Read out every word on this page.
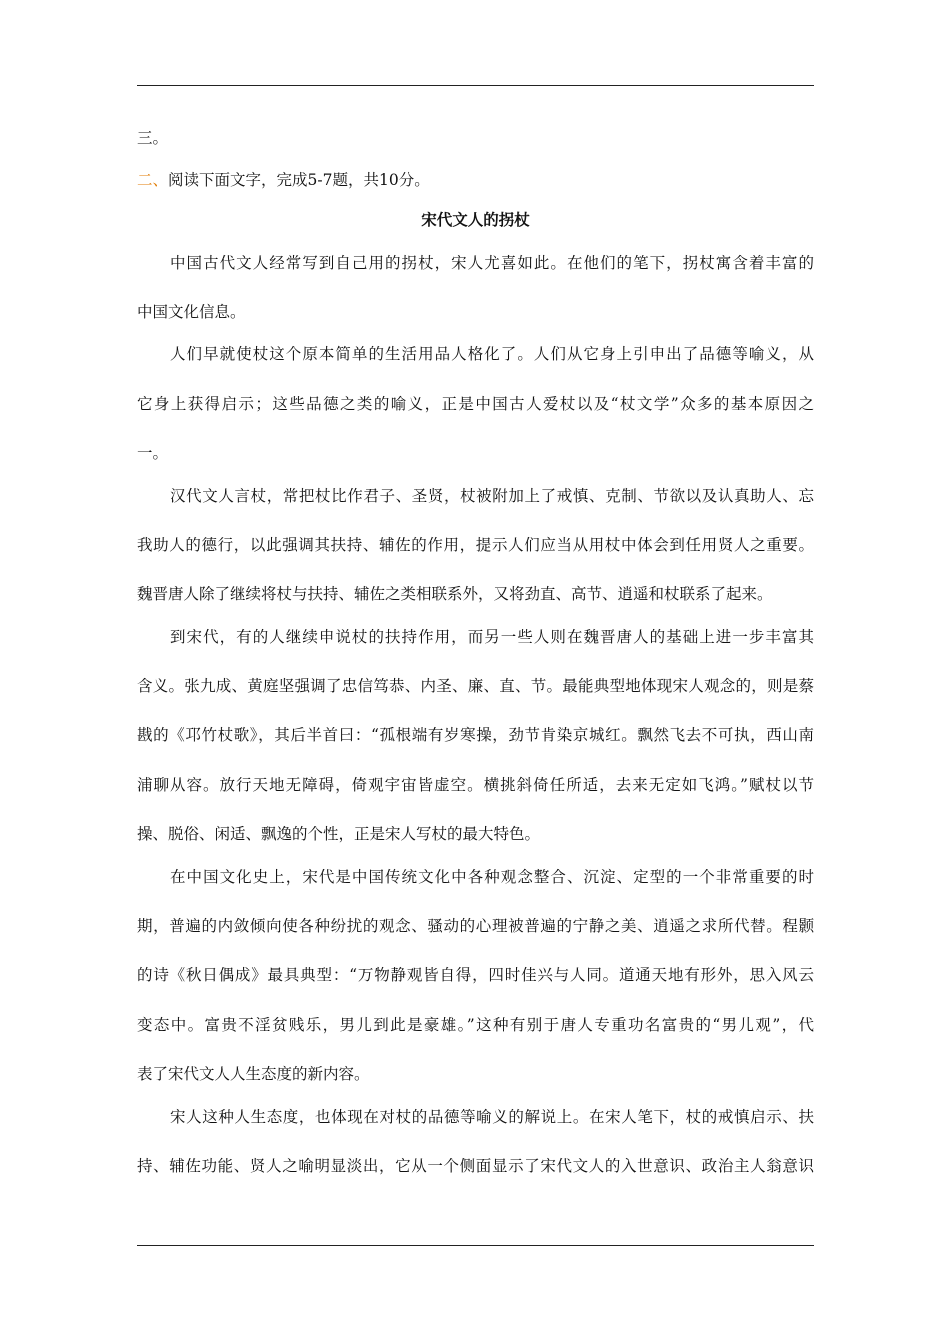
三。
二、阅读下面文字，完成5-7题，共10分。
宋代文人的拐杖
中国古代文人经常写到自己用的拐杖，宋人尤喜如此。在他们的笔下，拐杖寓含着丰富的
中国文化信息。
人们早就使杖这个原本简单的生活用品人格化了。人们从它身上引申出了品德等喻义，从
它身上获得启示；这些品德之类的喻义，正是中国古人爱杖以及“杖文学”众多的基本原因之
一。
汉代文人言杖，常把杖比作君子、圣贤，杖被附加上了戒慎、克制、节欲以及认真助人、忘
我助人的德行，以此强调其扶持、辅佐的作用，提示人们应当从用杖中体会到任用贤人之重要。
魏晋唐人除了继续将杖与扶持、辅佐之类相联系外，又将劲直、高节、逍遥和杖联系了起来。
到宋代，有的人继续申说杖的扶持作用，而另一些人则在魏晋唐人的基础上进一步丰富其
含义。张九成、黄庭坚强调了忠信笃恭、内圣、廉、直、节。最能典型地体现宋人观念的，则是蔡
戡的《邛竹杖歌》，其后半首曰：“孤根端有岁寒操，劲节肯染京城红。飘然飞去不可执，西山南
浦聊从容。放行天地无障碍，倚观宇宙皆虚空。横挑斜倚任所适，去来无定如飞鸿。”赋杖以节
操、脱俗、闲适、飘逸的个性，正是宋人写杖的最大特色。
在中国文化史上，宋代是中国传统文化中各种观念整合、沉淀、定型的一个非常重要的时
期，普遍的内敛倾向使各种纷扰的观念、骚动的心理被普遍的宁静之美、逍遥之求所代替。程颢
的诗《秋日偶成》最具典型：“万物静观皆自得，四时佳兴与人同。道通天地有形外，思入风云
变态中。富贵不淫贫贱乐，男儿到此是豪雄。”这种有别于唐人专重功名富贵的“男儿观”，代
表了宋代文人人生态度的新内容。
宋人这种人生态度，也体现在对杖的品德等喻义的解说上。在宋人笔下，杖的戒慎启示、扶
持、辅佐功能、贤人之喻明显淡出，它从一个侧面显示了宋代文人的入世意识、政治主人翁意识
